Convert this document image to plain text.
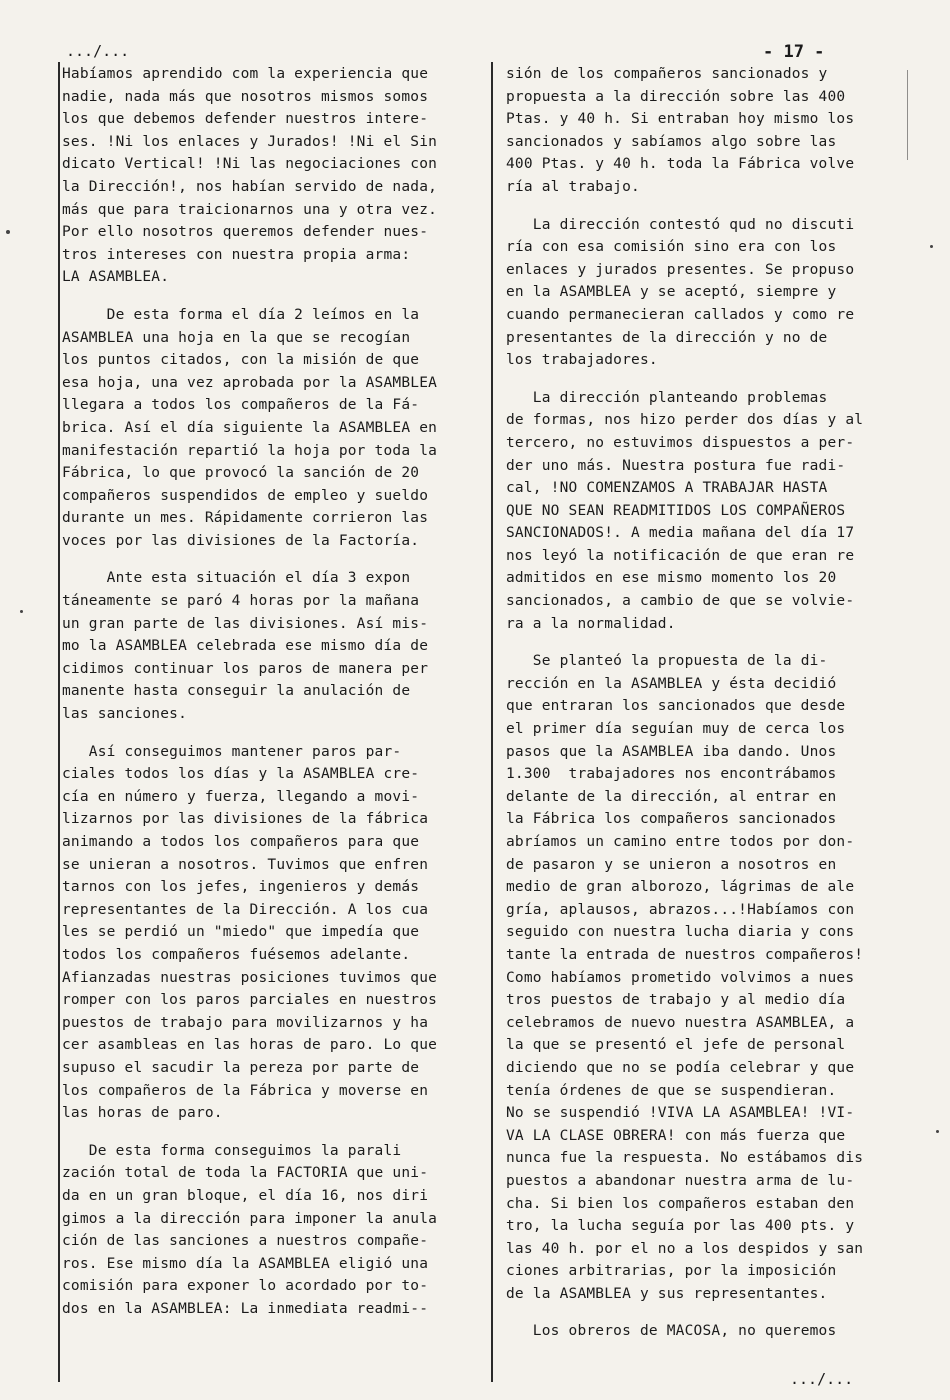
.../...	- 17 -

Habíamos aprendido com la experiencia que
nadie, nada más que nosotros mismos somos
los que debemos defender nuestros intere-
ses. !Ni los enlaces y Jurados! !Ni el Sin
dicato Vertical! !Ni las negociaciones con
la Dirección!, nos habían servido de nada,
más que para traicionarnos una y otra vez.
Por ello nosotros queremos defender nues-
tros intereses con nuestra propia arma:
LA ASAMBLEA.

De esta forma el día 2 leímos en la
ASAMBLEA una hoja en la que se recogían
los puntos citados, con la misión de que
esa hoja, una vez aprobada por la ASAMBLEA
llegara a todos los compañeros de la Fá-
brica. Así el día siguiente la ASAMBLEA en
manifestación repartió la hoja por toda la
Fábrica, lo que provocó la sanción de 20
compañeros suspendidos de empleo y sueldo
durante un mes. Rápidamente corrieron las
voces por las divisiones de la Factoría.

Ante esta situación el día 3 expon
táneamente se paró 4 horas por la mañana
un gran parte de las divisiones. Así mis-
mo la ASAMBLEA celebrada ese mismo día de
cidimos continuar los paros de manera per
manente hasta conseguir la anulación de
las sanciones.

Así conseguimos mantener paros par-
ciales todos los días y la ASAMBLEA cre-
cía en número y fuerza, llegando a movi-
lizarnos por las divisiones de la fábrica
animando a todos los compañeros para que
se unieran a nosotros. Tuvimos que enfren
tarnos con los jefes, ingenieros y demás
representantes de la Dirección. A los cua
les se perdió un "miedo" que impedía que
todos los compañeros fuésemos adelante.
Afianzadas nuestras posiciones tuvimos que
romper con los paros parciales en nuestros
puestos de trabajo para movilizarnos y ha
cer asambleas en las horas de paro. Lo que
supuso el sacudir la pereza por parte de
los compañeros de la Fábrica y moverse en
las horas de paro.

De esta forma conseguimos la parali
zación total de toda la FACTORIA que uni-
da en un gran bloque, el día 16, nos diri
gimos a la dirección para imponer la anula
ción de las sanciones a nuestros compañe-
ros. Ese mismo día la ASAMBLEA eligió una
comisión para exponer lo acordado por to-
dos en la ASAMBLEA: La inmediata readmi--

sión de los compañeros sancionados y
propuesta a la dirección sobre las 400
Ptas. y 40 h. Si entraban hoy mismo los
sancionados y sabíamos algo sobre las
400 Ptas. y 40 h. toda la Fábrica volve
ría al trabajo.

La dirección contestó qud no discuti
ría con esa comisión sino era con los
enlaces y jurados presentes. Se propuso
en la ASAMBLEA y se aceptó, siempre y
cuando permanecieran callados y como re
presentantes de la dirección y no de
los trabajadores.

La dirección planteando problemas
de formas, nos hizo perder dos días y al
tercero, no estuvimos dispuestos a per-
der uno más. Nuestra postura fue radi-
cal, !NO COMENZAMOS A TRABAJAR HASTA
QUE NO SEAN READMITIDOS LOS COMPAÑEROS
SANCIONADOS!. A media mañana del día 17
nos leyó la notificación de que eran re
admitidos en ese mismo momento los 20
sancionados, a cambio de que se volvie-
ra a la normalidad.

Se planteó la propuesta de la di-
rección en la ASAMBLEA y ésta decidió
que entraran los sancionados que desde
el primer día seguían muy de cerca los
pasos que la ASAMBLEA iba dando. Unos
1.300  trabajadores nos encontrábamos
delante de la dirección, al entrar en
la Fábrica los compañeros sancionados
abríamos un camino entre todos por don-
de pasaron y se unieron a nosotros en
medio de gran alborozo, lágrimas de ale
gría, aplausos, abrazos...!Habíamos con
seguido con nuestra lucha diaria y cons
tante la entrada de nuestros compañeros!
Como habíamos prometido volvimos a nues
tros puestos de trabajo y al medio día
celebramos de nuevo nuestra ASAMBLEA, a
la que se presentó el jefe de personal
diciendo que no se podía celebrar y que
tenía órdenes de que se suspendieran.
No se suspendió !VIVA LA ASAMBLEA! !VI-
VA LA CLASE OBRERA! con más fuerza que
nunca fue la respuesta. No estábamos dis
puestos a abandonar nuestra arma de lu-
cha. Si bien los compañeros estaban den
tro, la lucha seguía por las 400 pts. y
las 40 h. por el no a los despidos y san
ciones arbitrarias, por la imposición
de la ASAMBLEA y sus representantes.

Los obreros de MACOSA, no queremos

.../...
